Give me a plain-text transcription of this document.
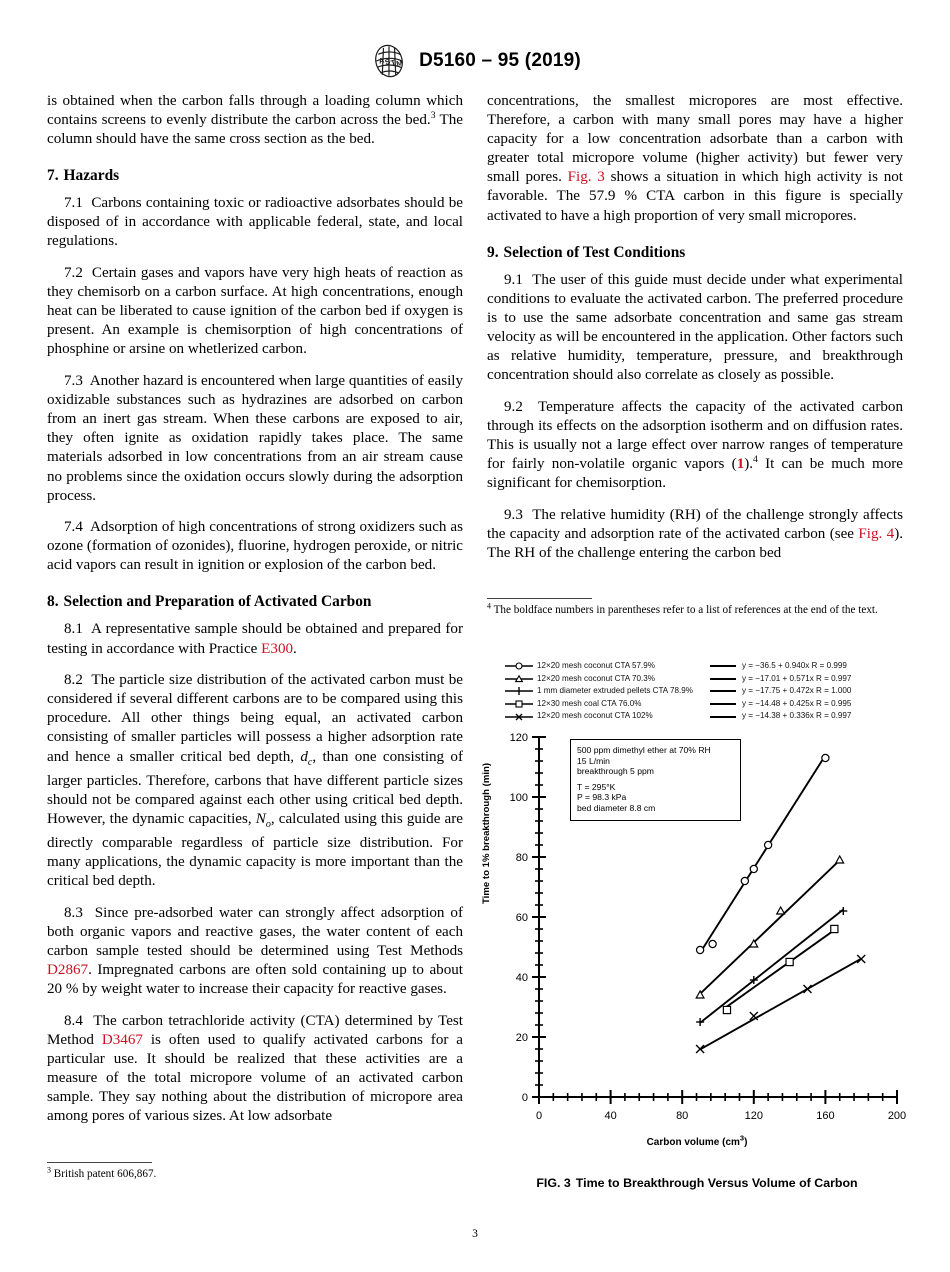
A
S
T
M D5160 – 95 (2019)

is obtained when the carbon falls through a loading column which contains screens to evenly distribute the carbon across the bed.$^3$ The column should have the same cross section as the bed.

7. Hazards

7.1 Carbons containing toxic or radioactive adsorbates should be disposed of in accordance with applicable federal, state, and local regulations.

7.2 Certain gases and vapors have very high heats of reaction as they chemisorb on a carbon surface. At high concentrations, enough heat can be liberated to cause ignition of the carbon bed if oxygen is present. An example is chemisorption of high concentrations of phosphine or arsine on whetlerized carbon.

7.3 Another hazard is encountered when large quantities of easily oxidizable substances such as hydrazines are adsorbed on carbon from an inert gas stream. When these carbons are exposed to air, they often ignite as oxidation rapidly takes place. The same materials adsorbed in low concentrations from an air stream cause no problems since the oxidation occurs slowly during the adsorption process.

7.4 Adsorption of high concentrations of strong oxidizers such as ozone (formation of ozonides), fluorine, hydrogen peroxide, or nitric acid vapors can result in ignition or explosion of the carbon bed.

8. Selection and Preparation of Activated Carbon

8.1 A representative sample should be obtained and prepared for testing in accordance with Practice E300.

8.2 The particle size distribution of the activated carbon must be considered if several different carbons are to be compared using this procedure. All other things being equal, an activated carbon consisting of smaller particles will possess a higher adsorption rate and hence a smaller critical bed depth, $d_c$, than one consisting of larger particles. Therefore, carbons that have different particle sizes should not be compared against each other using critical bed depth. However, the dynamic capacities, $N_o$, calculated using this guide are directly comparable regardless of particle size distribution. For many applications, the dynamic capacity is more important than the critical bed depth.

8.3 Since pre-adsorbed water can strongly affect adsorption of both organic vapors and reactive gases, the water content of each carbon sample tested should be determined using Test Methods D2867. Impregnated carbons are often sold containing up to about 20 % by weight water to increase their capacity for reactive gases.

8.4 The carbon tetrachloride activity (CTA) determined by Test Method D3467 is often used to qualify activated carbons for a particular use. It should be realized that these activities are a measure of the total micropore volume of an activated carbon sample. They say nothing about the distribution of micropore area among pores of various sizes. At low adsorbate

$^3$ British patent 606,867.

concentrations, the smallest micropores are most effective. Therefore, a carbon with many small pores may have a higher capacity for a low concentration adsorbate than a carbon with greater total micropore volume (higher activity) but fewer very small pores. Fig. 3 shows a situation in which high activity is not favorable. The 57.9 % CTA carbon in this figure is specially activated to have a high proportion of very small micropores.

9. Selection of Test Conditions

9.1 The user of this guide must decide under what experimental conditions to evaluate the activated carbon. The preferred procedure is to use the same adsorbate concentration and same gas stream velocity as will be encountered in the application. Other factors such as relative humidity, temperature, pressure, and breakthrough concentration should also correlate as closely as possible.

9.2 Temperature affects the capacity of the activated carbon through its effects on the adsorption isotherm and on diffusion rates. This is usually not a large effect over narrow ranges of temperature for fairly non-volatile organic vapors (1).$^4$ It can be much more significant for chemisorption.

9.3 The relative humidity (RH) of the challenge strongly affects the capacity and adsorption rate of the activated carbon (see Fig. 4). The RH of the challenge entering the carbon bed

$^4$ The boldface numbers in parentheses refer to a list of references at the end of the text.
12×20 mesh coconut CTA 57.9%	y = −36.5 + 0.940x R = 0.999
12×20 mesh coconut CTA 70.3%	y = −17.01 + 0.571x R = 0.997
1 mm diameter extruded pellets CTA 78.9%	y = −17.75 + 0.472x R = 1.000
12×30 mesh coal CTA 76.0%	y = −14.48 + 0.425x R = 0.995
12×20 mesh coconut CTA 102%	y = −14.38 + 0.336x R = 0.997
Time to 1% breakthrough (min)
0
20
40
60
80
100
120
0	40	80	120	160	200
500 ppm dimethyl ether at 70% RH
15 L/min
breakthrough 5 ppm
T = 295°K
P = 98.3 kPa
bed diameter 8.8 cm
Carbon volume $(cm^3)$
FIG. 3 Time to Breakthrough Versus Volume of Carbon
3
